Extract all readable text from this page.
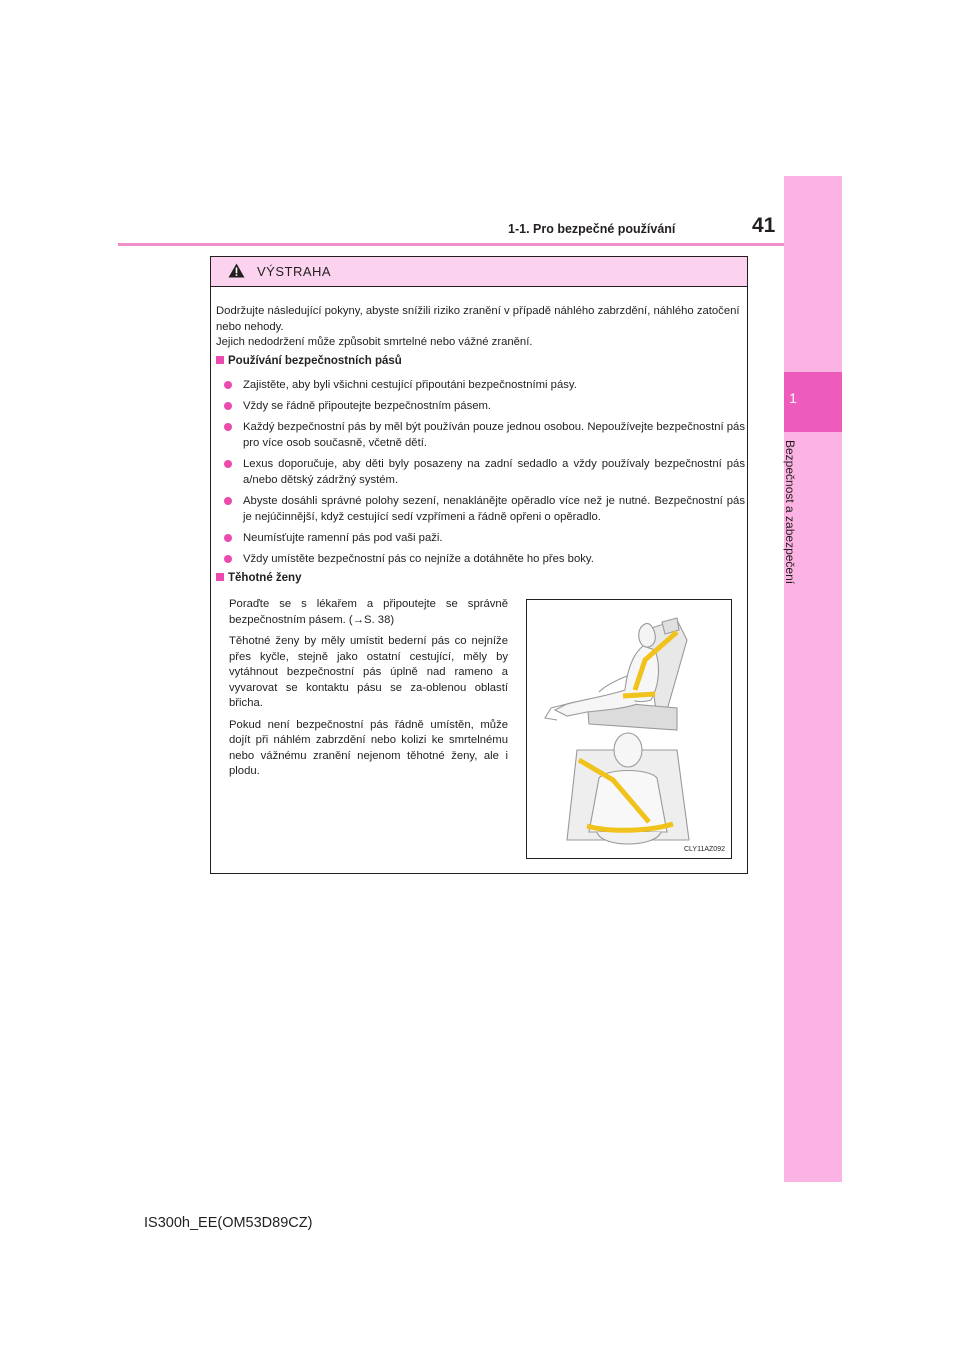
1-1. Pro bezpečné používání	41
1
Bezpečnost a zabezpečení
VÝSTRAHA

Dodržujte následující pokyny, abyste snížili riziko zranění v případě náhlého zabrzdění, náhlého zatočení nebo nehody.

Jejich nedodržení může způsobit smrtelné nebo vážné zranění.

Používání bezpečnostních pásů
Zajistěte, aby byli všichni cestující připoutáni bezpečnostními pásy.
Vždy se řádně připoutejte bezpečnostním pásem.
Každý bezpečnostní pás by měl být používán pouze jednou osobou. Nepoužívejte bezpečnostní pás pro více osob současně, včetně dětí.
Lexus doporučuje, aby děti byly posazeny na zadní sedadlo a vždy používaly bezpečnostní pás a/nebo dětský zádržný systém.
Abyste dosáhli správné polohy sezení, nenaklánějte opěradlo více než je nutné. Bezpečnostní pás je nejúčinnější, když cestující sedí vzpřímeni a řádně opřeni o opěradlo.
Neumísťujte ramenní pás pod vaši paži.
Vždy umístěte bezpečnostní pás co nejníže a dotáhněte ho přes boky.
Těhotné ženy

Poraďte se s lékařem a připoutejte se správně bezpečnostním pásem. (→S. 38)

Těhotné ženy by měly umístit bederní pás co nejníže přes kyčle, stejně jako ostatní cestující, měly by vytáhnout bezpečnostní pás úplně nad rameno a vyvarovat se kontaktu pásu se za-oblenou oblastí břicha.

Pokud není bezpečnostní pás řádně umístěn, může dojít při náhlém zabrzdění nebo kolizi ke smrtelnému nebo vážnému zranění nejenom těhotné ženy, ale i plodu.

CLY11AZ092
IS300h_EE(OM53D89CZ)
